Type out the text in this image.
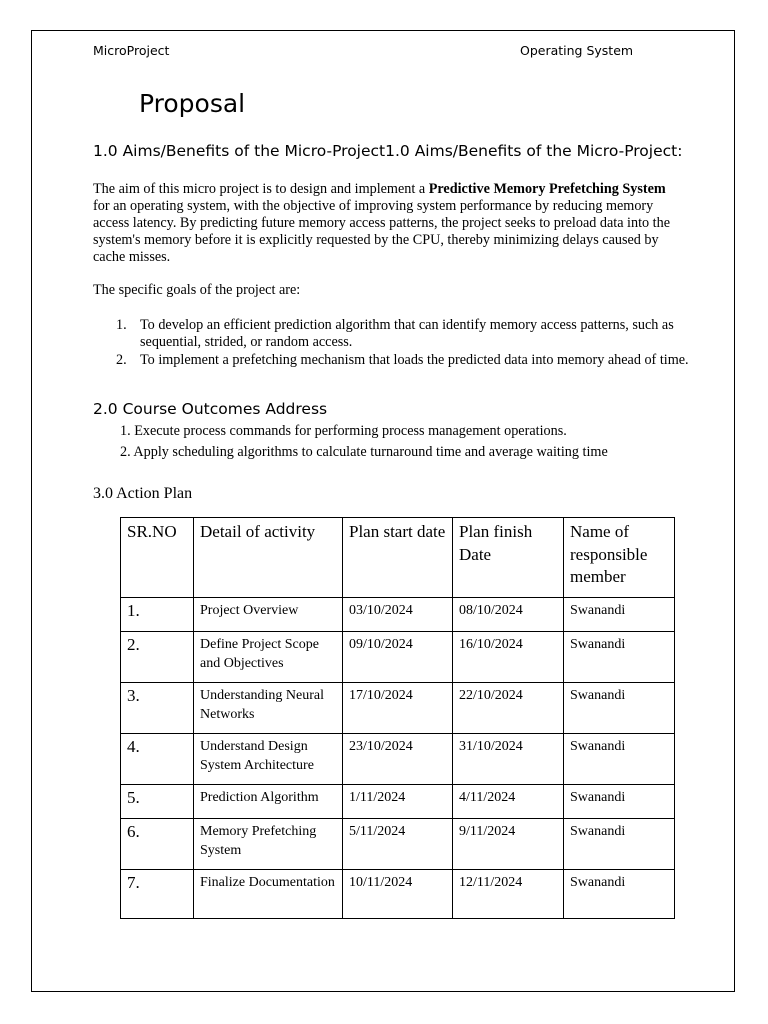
MicroProject	Operating System
Proposal
1.0 Aims/Benefits of the Micro-Project1.0 Aims/Benefits of the Micro-Project:
The aim of this micro project is to design and implement a Predictive Memory Prefetching System for an operating system, with the objective of improving system performance by reducing memory access latency. By predicting future memory access patterns, the project seeks to preload data into the system's memory before it is explicitly requested by the CPU, thereby minimizing delays caused by cache misses.
The specific goals of the project are:
1. To develop an efficient prediction algorithm that can identify memory access patterns, such as sequential, strided, or random access.
2. To implement a prefetching mechanism that loads the predicted data into memory ahead of time.
2.0 Course Outcomes Address
1. Execute process commands for performing process management operations.
2. Apply scheduling algorithms to calculate turnaround time and average waiting time
3.0 Action Plan
SR.NO	Detail of activity	Plan start date	Plan finish Date	Name of responsible member
1.	Project Overview	03/10/2024	08/10/2024	Swanandi
2.	Define Project Scope and Objectives	09/10/2024	16/10/2024	Swanandi
3.	Understanding Neural Networks	17/10/2024	22/10/2024	Swanandi
4.	Understand Design System Architecture	23/10/2024	31/10/2024	Swanandi
5.	Prediction Algorithm	1/11/2024	4/11/2024	Swanandi
6.	Memory Prefetching System	5/11/2024	9/11/2024	Swanandi
7.	Finalize Documentation	10/11/2024	12/11/2024	Swanandi
